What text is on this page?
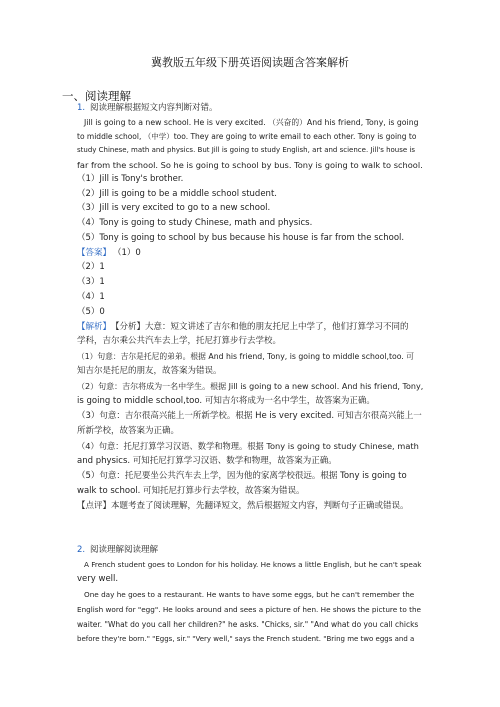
冀教版五年级下册英语阅读题含答案解析
一、阅读理解
1. 阅读理解根据短文内容判断对错。
Jill is going to a new school. He is very excited. （兴奋的）And his friend, Tony, is going
to middle school, （中学）too. They are going to write email to each other. Tony is going to
study Chinese, math and physics. But Jill is going to study English, art and science. Jill's house is
far from the school. So he is going to school by bus. Tony is going to walk to school.
（1）Jill is Tony's brother.
（2）Jill is going to be a middle school student.
（3）Jill is very excited to go to a new school.
（4）Tony is going to study Chinese, math and physics.
（5）Tony is going to school by bus because his house is far from the school.
【答案】 （1）0
（2）1
（3）1
（4）1
（5）0
【解析】 【分析】大意：短文讲述了吉尔和他的朋友托尼上中学了，他们打算学习不同的
学科，吉尔乘公共汽车去上学，托尼打算步行去学校。
（1）句意：吉尔是托尼的弟弟。根据 And his friend, Tony, is going to middle school,too. 可
知吉尔是托尼的朋友，故答案为错误。
（2）句意：吉尔将成为一名中学生。根据 Jill is going to a new school. And his friend, Tony,
is going to middle school,too. 可知吉尔将成为一名中学生，故答案为正确。
（3）句意：吉尔很高兴能上一所新学校。根据 He is very excited. 可知吉尔很高兴能上一
所新学校，故答案为正确。
（4）句意：托尼打算学习汉语、数学和物理。根据 Tony is going to study Chinese, math
and physics. 可知托尼打算学习汉语、数学和物理，故答案为正确。
（5）句意：托尼要坐公共汽车去上学，因为他的家离学校很远。根据 Tony is going to
walk to school. 可知托尼打算步行去学校，故答案为错误。
【点评】本题考查了阅读理解，先翻译短文，然后根据短文内容，判断句子正确或错误。
2. 阅读理解阅读理解
A French student goes to London for his holiday. He knows a little English, but he can't speak
very well.
One day he goes to a restaurant. He wants to have some eggs, but he can't remember the
English word for "egg". He looks around and sees a picture of hen. He shows the picture to the
waiter. "What do you call her children?" he asks. "Chicks, sir." "And what do you call chicks
before they're born." "Eggs, sir." "Very well," says the French student. "Bring me two eggs and a
